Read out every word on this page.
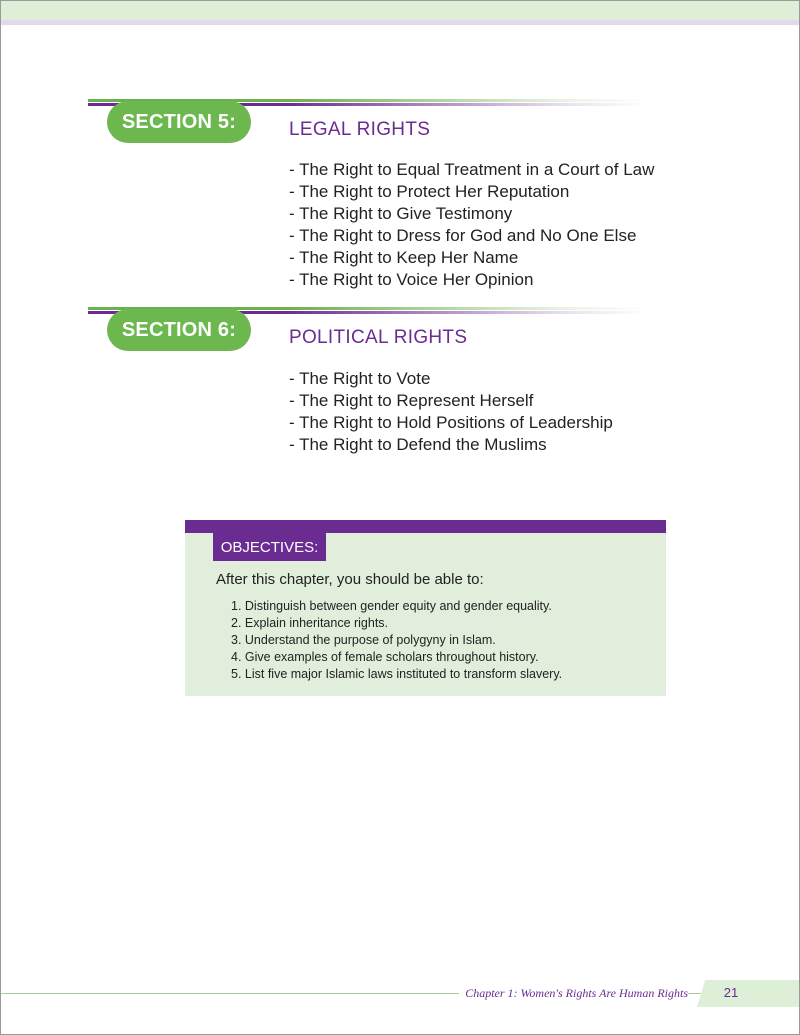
SECTION 5:	LEGAL RIGHTS
- The Right to Equal Treatment in a Court of Law
- The Right to Protect Her Reputation
- The Right to Give Testimony
- The Right to Dress for God and No One Else
- The Right to Keep Her Name
- The Right to Voice Her Opinion
SECTION 6:	POLITICAL RIGHTS
- The Right to Vote
- The Right to Represent Herself
- The Right to Hold Positions of Leadership
- The Right to Defend the Muslims
OBJECTIVES:
After this chapter, you should be able to:
1. Distinguish between gender equity and gender equality.
2. Explain inheritance rights.
3. Understand the purpose of polygyny in Islam.
4. Give examples of female scholars throughout history.
5. List five major Islamic laws instituted to transform slavery.
Chapter 1: Women's Rights Are Human Rights	21
